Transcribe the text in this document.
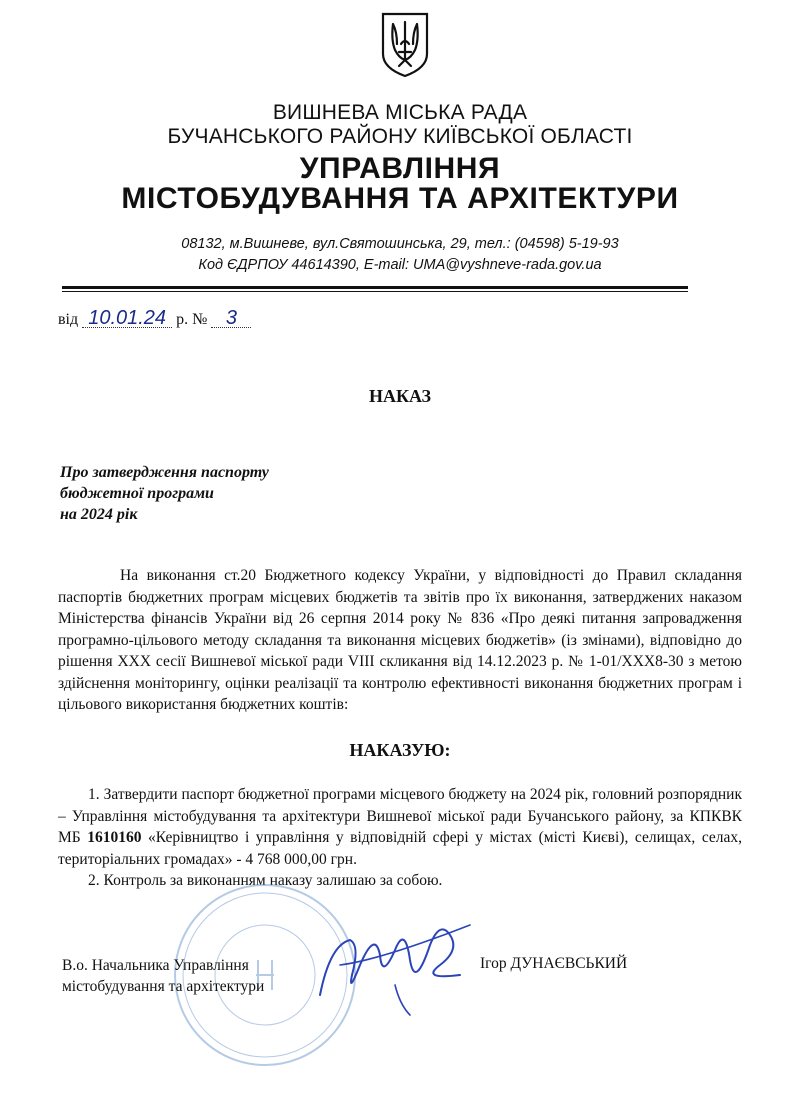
ВИШНЕВА МІСЬКА РАДА
БУЧАНСЬКОГО РАЙОНУ КИЇВСЬКОЇ ОБЛАСТІ
УПРАВЛІННЯ
МІСТОБУДУВАННЯ ТА АРХІТЕКТУРИ
08132, м.Вишневе, вул.Святошинська, 29, тел.: (04598) 5-19-93
Код ЄДРПОУ 44614390, E-mail: UMA@vyshneve-rada.gov.ua
від 10.01.24 р. № 3
НАКАЗ
Про затвердження паспорту
бюджетної програми
на 2024 рік

На виконання ст.20 Бюджетного кодексу України, у відповідності до Правил складання паспортів бюджетних програм місцевих бюджетів та звітів про їх виконання, затверджених наказом Міністерства фінансів України від 26 серпня 2014 року № 836 «Про деякі питання запровадження програмно-цільового методу складання та виконання місцевих бюджетів» (із змінами), відповідно до рішення XXX сесії Вишневої міської ради VIII скликання від 14.12.2023 р. № 1-01/XXX8-30 з метою здійснення моніторингу, оцінки реалізації та контролю ефективності виконання бюджетних програм і цільового використання бюджетних коштів:

НАКАЗУЮ:
1. Затвердити паспорт бюджетної програми місцевого бюджету на 2024 рік, головний розпорядник – Управління містобудування та архітектури Вишневої міської ради Бучанського району, за КПКВК МБ 1610160 «Керівництво і управління у відповідній сфері у містах (місті Києві), селищах, селах, територіальних громадах» - 4 768 000,00 грн.
2. Контроль за виконанням наказу залишаю за собою.
В.о. Начальника Управління
містобудування та архітектури
Ігор ДУНАЄВСЬКИЙ
